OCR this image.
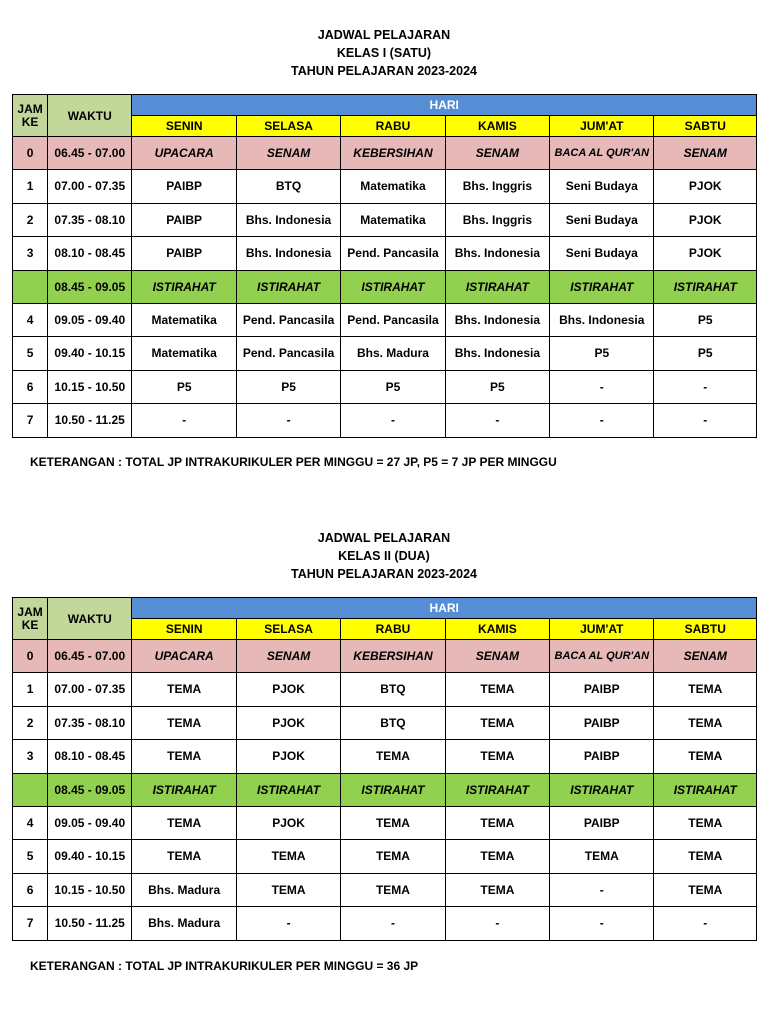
JADWAL PELAJARAN
KELAS I (SATU)
TAHUN PELAJARAN 2023-2024
JAM KE	WAKTU	HARI					
		SENIN	SELASA	RABU	KAMIS	JUM'AT	SABTU
0	06.45 - 07.00	UPACARA	SENAM	KEBERSIHAN	SENAM	BACA AL QUR'AN	SENAM
1	07.00 - 07.35	PAIBP	BTQ	Matematika	Bhs. Inggris	Seni Budaya	PJOK
2	07.35 - 08.10	PAIBP	Bhs. Indonesia	Matematika	Bhs. Inggris	Seni Budaya	PJOK
3	08.10 - 08.45	PAIBP	Bhs. Indonesia	Pend. Pancasila	Bhs. Indonesia	Seni Budaya	PJOK
	08.45 - 09.05	ISTIRAHAT	ISTIRAHAT	ISTIRAHAT	ISTIRAHAT	ISTIRAHAT	ISTIRAHAT
4	09.05 - 09.40	Matematika	Pend. Pancasila	Pend. Pancasila	Bhs. Indonesia	Bhs. Indonesia	P5
5	09.40 - 10.15	Matematika	Pend. Pancasila	Bhs. Madura	Bhs. Indonesia	P5	P5
6	10.15 - 10.50	P5	P5	P5	P5	-	-
7	10.50 - 11.25	-	-	-	-	-	-
KETERANGAN : TOTAL JP INTRAKURIKULER PER MINGGU = 27 JP, P5 = 7 JP PER MINGGU
JADWAL PELAJARAN
KELAS II (DUA)
TAHUN PELAJARAN 2023-2024
JAM KE	WAKTU	HARI					
		SENIN	SELASA	RABU	KAMIS	JUM'AT	SABTU
0	06.45 - 07.00	UPACARA	SENAM	KEBERSIHAN	SENAM	BACA AL QUR'AN	SENAM
1	07.00 - 07.35	TEMA	PJOK	BTQ	TEMA	PAIBP	TEMA
2	07.35 - 08.10	TEMA	PJOK	BTQ	TEMA	PAIBP	TEMA
3	08.10 - 08.45	TEMA	PJOK	TEMA	TEMA	PAIBP	TEMA
	08.45 - 09.05	ISTIRAHAT	ISTIRAHAT	ISTIRAHAT	ISTIRAHAT	ISTIRAHAT	ISTIRAHAT
4	09.05 - 09.40	TEMA	PJOK	TEMA	TEMA	PAIBP	TEMA
5	09.40 - 10.15	TEMA	TEMA	TEMA	TEMA	TEMA	TEMA
6	10.15 - 10.50	Bhs. Madura	TEMA	TEMA	TEMA	-	TEMA
7	10.50 - 11.25	Bhs. Madura	-	-	-	-	-
KETERANGAN : TOTAL JP INTRAKURIKULER PER MINGGU = 36 JP
